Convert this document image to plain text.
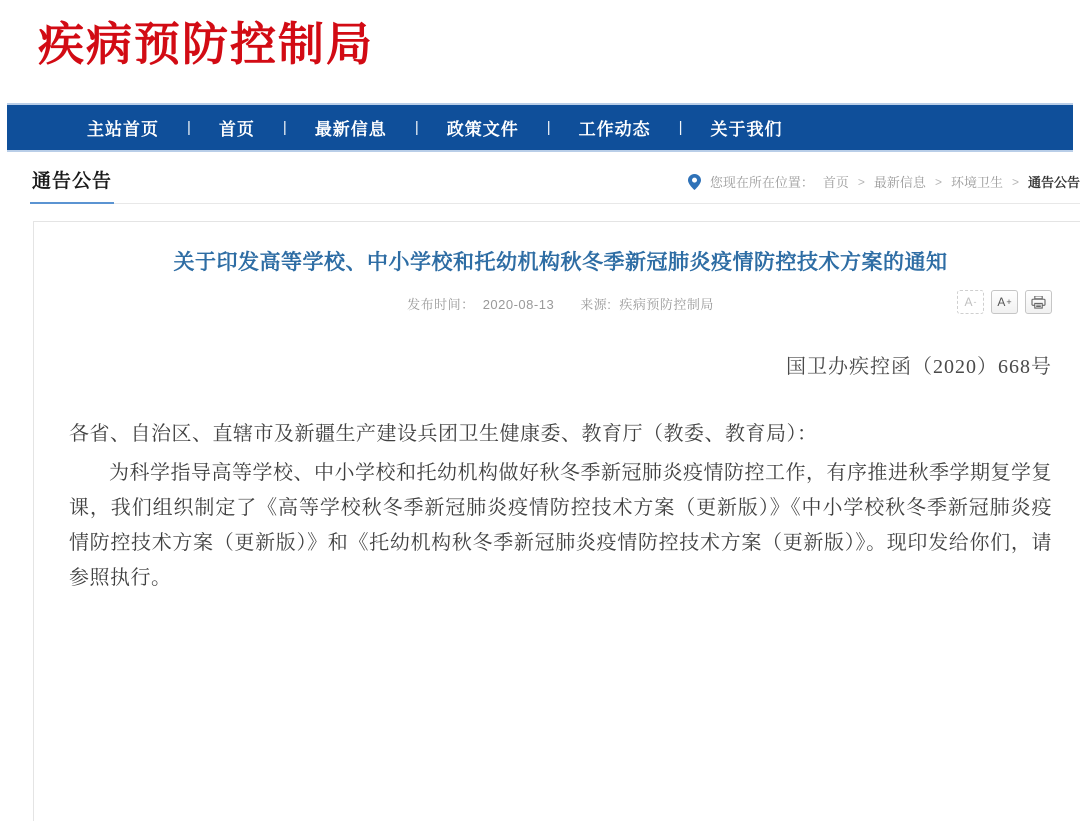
疾病预防控制局
主站首页	|	首页	|	最新信息	|	政策文件	|	工作动态	|	关于我们
通告公告	您现在所在位置： 首页 > 最新信息 > 环境卫生 > 通告公告
关于印发高等学校、中小学校和托幼机构秋冬季新冠肺炎疫情防控技术方案的通知
发布时间： 2020-08-13 来源: 疾病预防控制局	A - A +
国卫办疾控函（2020）668号

各省、自治区、直辖市及新疆生产建设兵团卫生健康委、教育厅（教委、教育局）：

为科学指导高等学校、中小学校和托幼机构做好秋冬季新冠肺炎疫情防控工作，有序推进秋季学期复学复课，我们组织制定了《高等学校秋冬季新冠肺炎疫情防控技术方案（更新版）》《中小学校秋冬季新冠肺炎疫情防控技术方案（更新版）》和《托幼机构秋冬季新冠肺炎疫情防控技术方案（更新版）》。现印发给你们，请参照执行。
